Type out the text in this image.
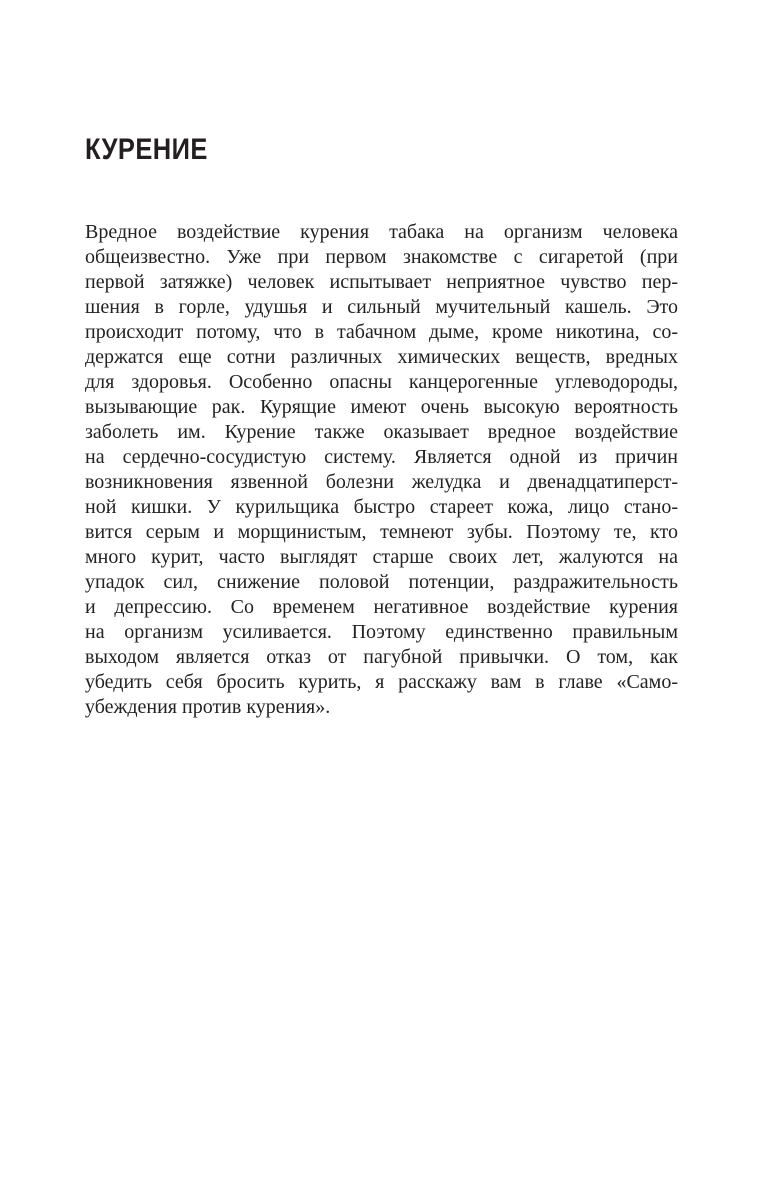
КУРЕНИЕ
Вредное воздействие курения табака на организм человека
общеизвестно. Уже при первом знакомстве с сигаретой (при
первой затяжке) человек испытывает неприятное чувство пер-
шения в горле, удушья и сильный мучительный кашель. Это
происходит потому, что в табачном дыме, кроме никотина, со-
держатся еще сотни различных химических веществ, вредных
для здоровья. Особенно опасны канцерогенные углеводороды,
вызывающие рак. Курящие имеют очень высокую вероятность
заболеть им. Курение также оказывает вредное воздействие
на сердечно-сосудистую систему. Является одной из причин
возникновения язвенной болезни желудка и двенадцатиперст-
ной кишки. У курильщика быстро стареет кожа, лицо стано-
вится серым и морщинистым, темнеют зубы. Поэтому те, кто
много курит, часто выглядят старше своих лет, жалуются на
упадок сил, снижение половой потенции, раздражительность
и депрессию. Со временем негативное воздействие курения
на организм усиливается. Поэтому единственно правильным
выходом является отказ от пагубной привычки. О том, как
убедить себя бросить курить, я расскажу вам в главе «Само-
убеждения против курения».
